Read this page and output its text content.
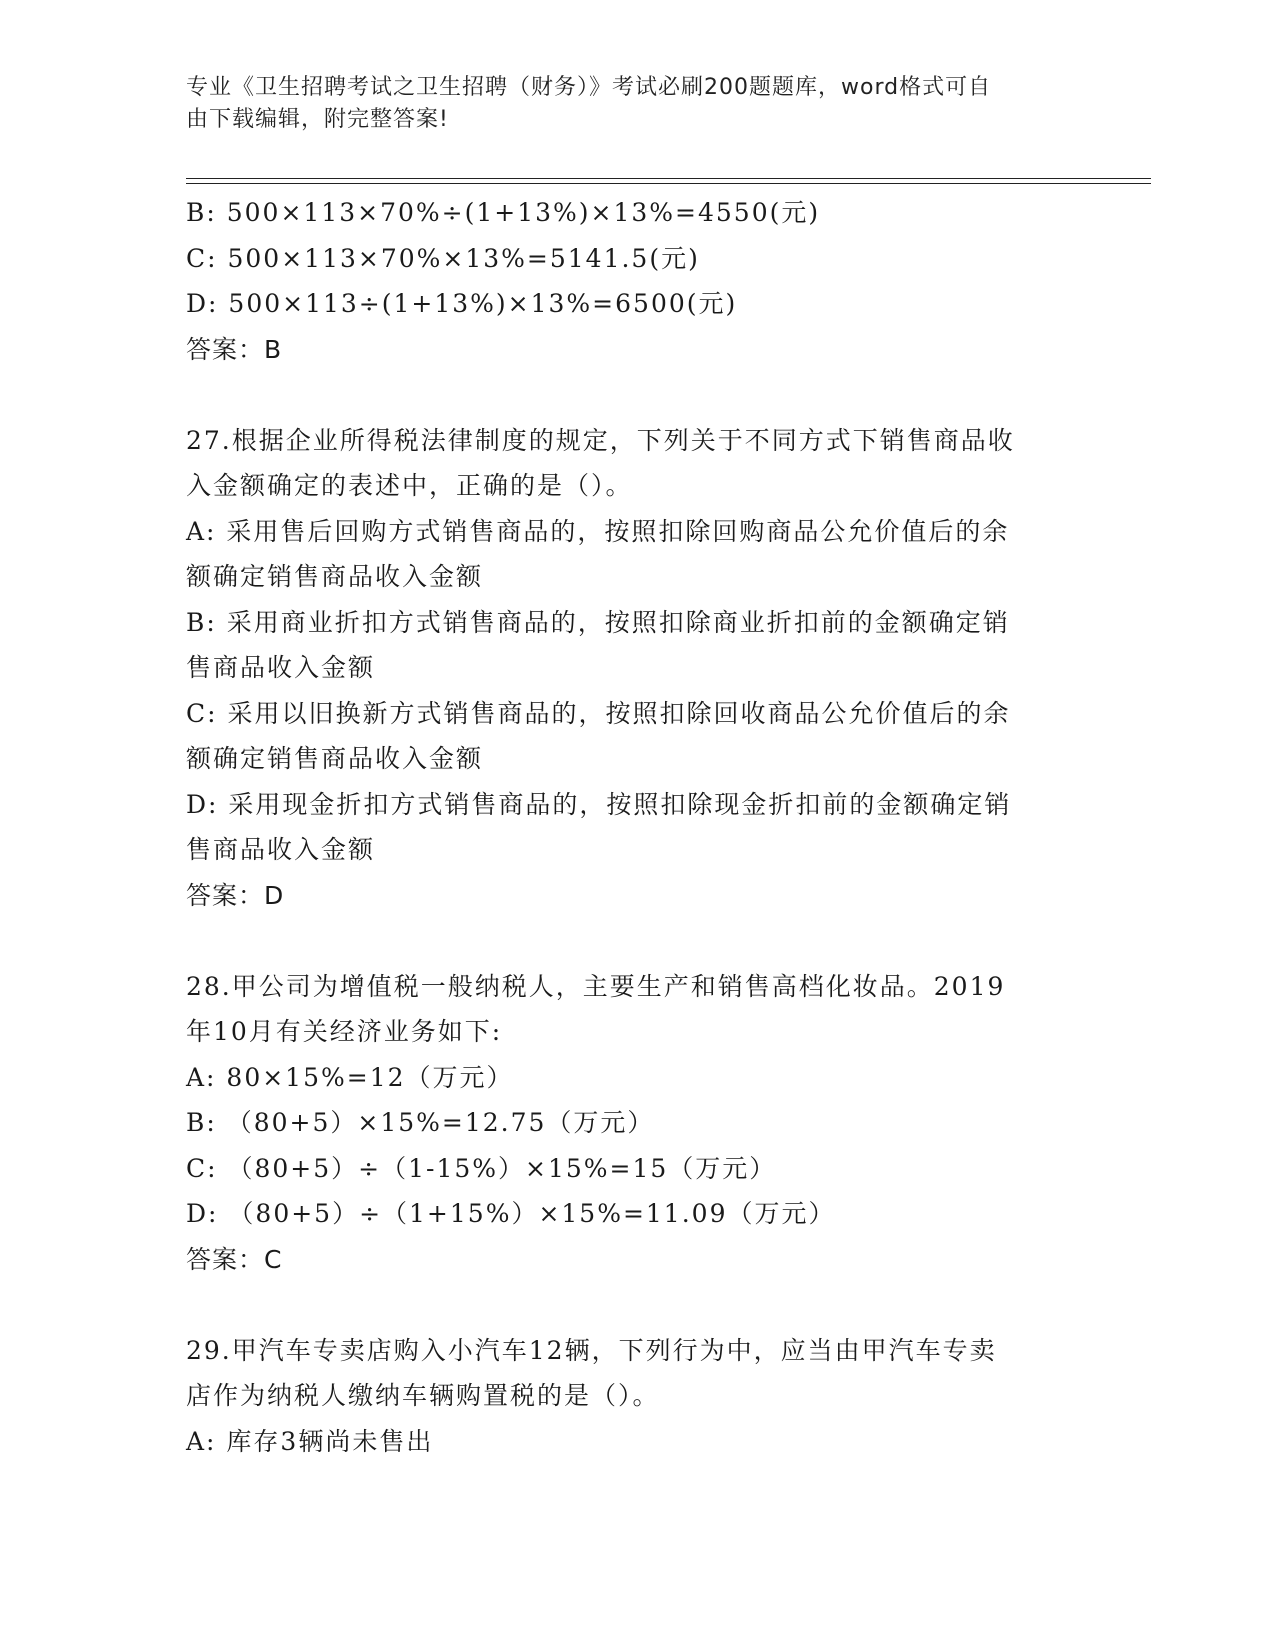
专业《卫生招聘考试之卫生招聘（财务）》考试必刷200题题库，word格式可自
由下载编辑，附完整答案!
B: 500×113×70%÷(1+13%)×13%=4550(元)
C: 500×113×70%×13%=5141.5(元)
D: 500×113÷(1+13%)×13%=6500(元)
答案：B
27.根据企业所得税法律制度的规定，下列关于不同方式下销售商品收
入金额确定的表述中，正确的是（）。
A: 采用售后回购方式销售商品的，按照扣除回购商品公允价值后的余
额确定销售商品收入金额
B: 采用商业折扣方式销售商品的，按照扣除商业折扣前的金额确定销
售商品收入金额
C: 采用以旧换新方式销售商品的，按照扣除回收商品公允价值后的余
额确定销售商品收入金额
D: 采用现金折扣方式销售商品的，按照扣除现金折扣前的金额确定销
售商品收入金额
答案：D
28.甲公司为增值税一般纳税人，主要生产和销售高档化妆品。2019
年10月有关经济业务如下:
A: 80×15%=12（万元）
B: （80+5）×15%=12.75（万元）
C: （80+5）÷（1-15%）×15%=15（万元）
D: （80+5）÷（1+15%）×15%=11.09（万元）
答案：C
29.甲汽车专卖店购入小汽车12辆，下列行为中，应当由甲汽车专卖
店作为纳税人缴纳车辆购置税的是（）。
A: 库存3辆尚未售出
